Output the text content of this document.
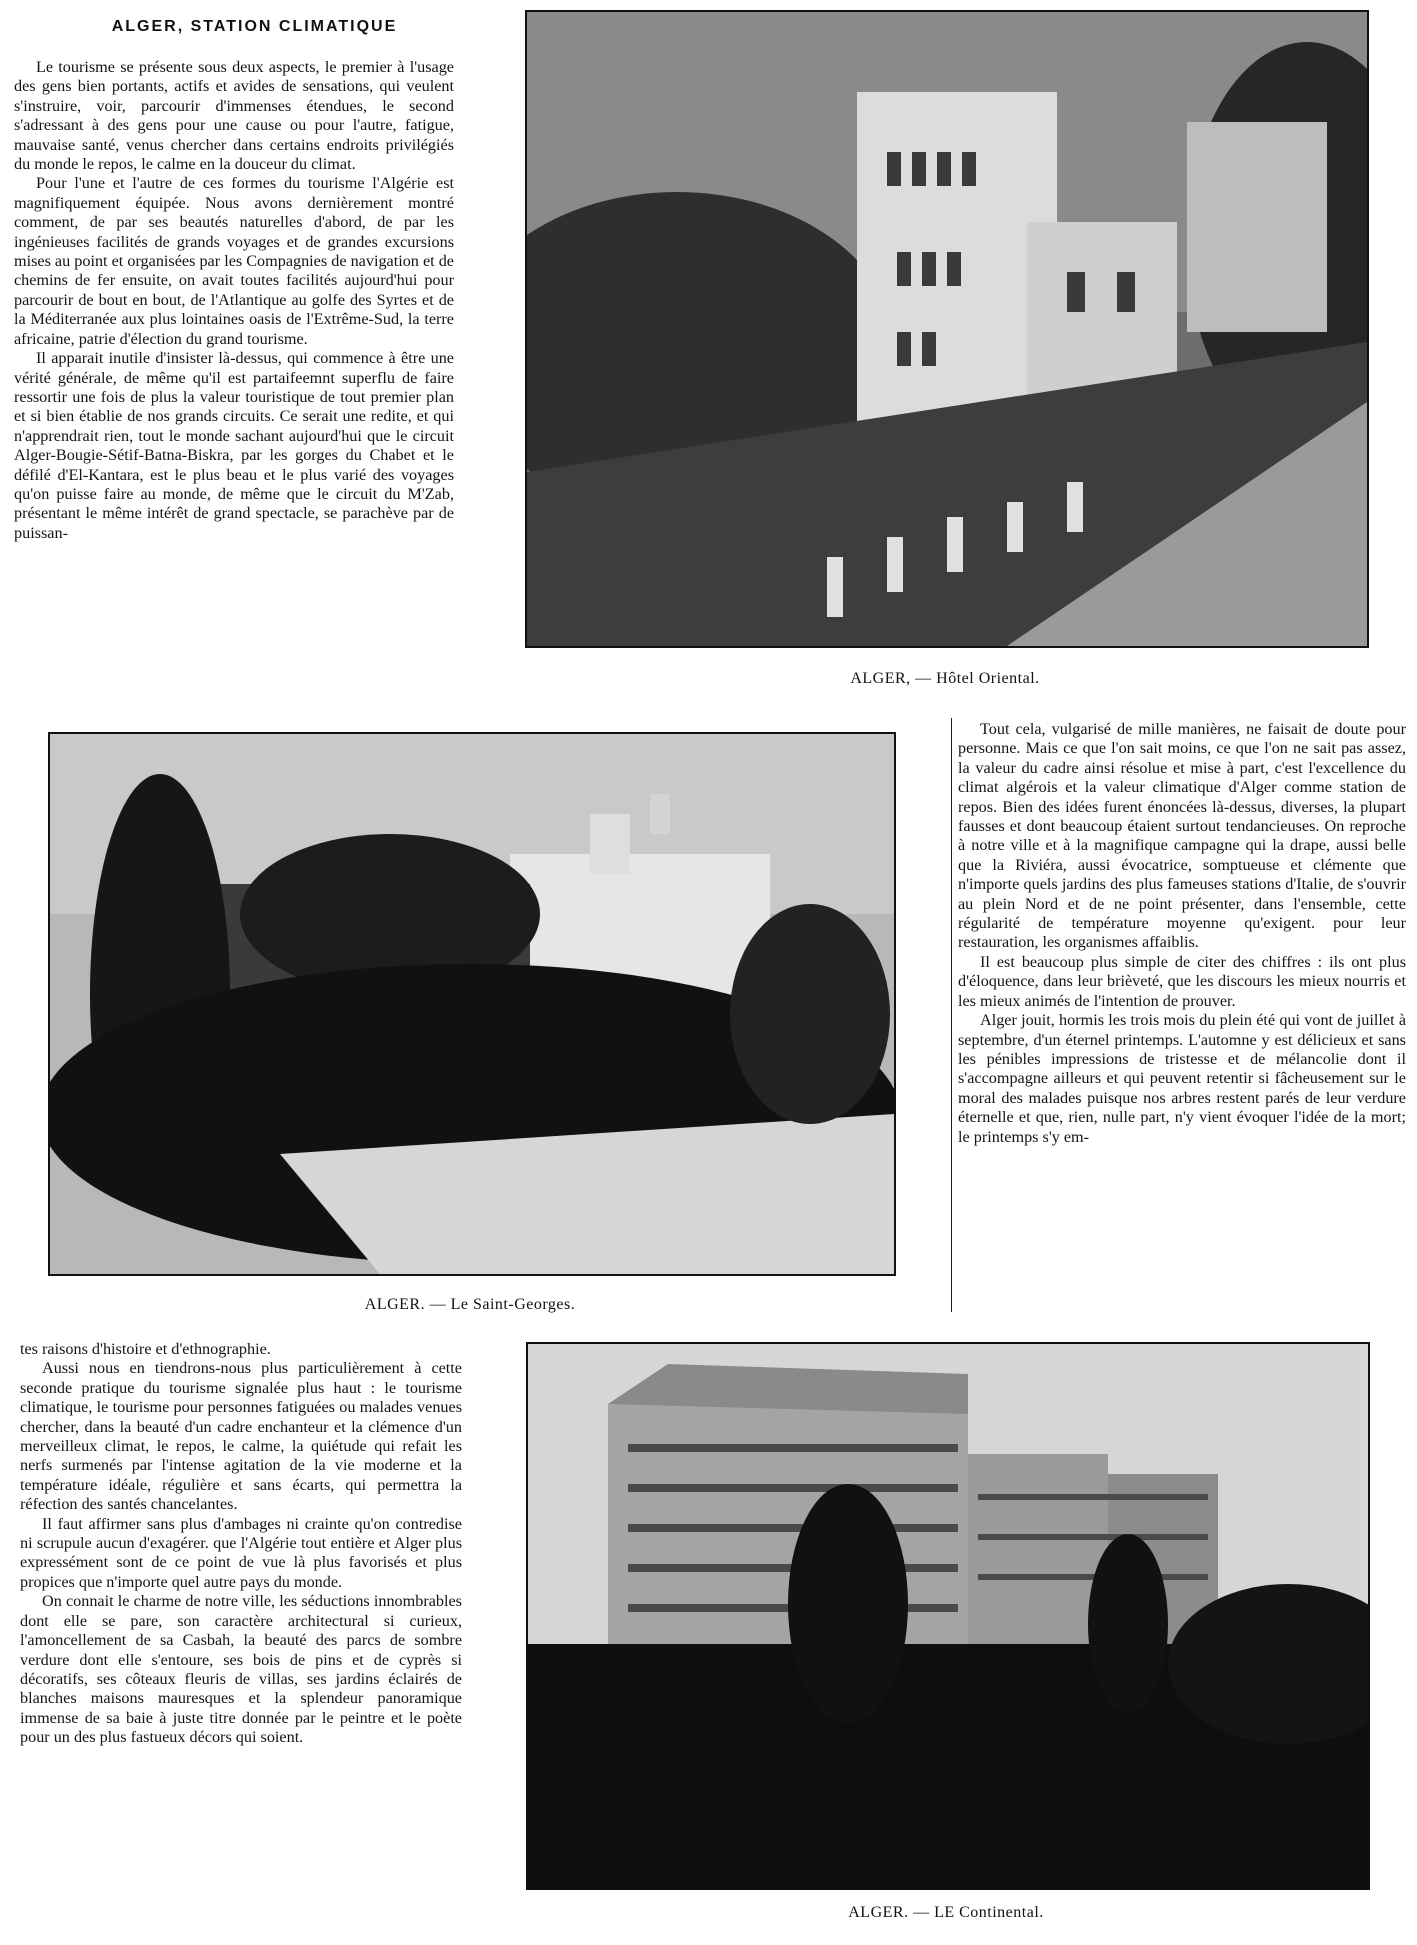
ALGER, STATION CLIMATIQUE

Le tourisme se présente sous deux aspects, le premier à l'usage des gens bien portants, actifs et avides de sensations, qui veulent s'instruire, voir, parcourir d'immenses étendues, le second s'adressant à des gens pour une cause ou pour l'autre, fatigue, mauvaise santé, venus chercher dans certains endroits privilégiés du monde le repos, le calme en la douceur du climat.

Pour l'une et l'autre de ces formes du tourisme l'Algérie est magnifiquement équipée. Nous avons dernièrement montré comment, de par ses beautés naturelles d'abord, de par les ingénieuses facilités de grands voyages et de grandes excursions mises au point et organisées par les Compagnies de navigation et de chemins de fer ensuite, on avait toutes facilités aujourd'hui pour parcourir de bout en bout, de l'Atlantique au golfe des Syrtes et de la Méditerranée aux plus lointaines oasis de l'Extrême-Sud, la terre africaine, patrie d'élection du grand tourisme.

Il apparait inutile d'insister là-dessus, qui commence à être une vérité générale, de même qu'il est partaifeemnt superflu de faire ressortir une fois de plus la valeur touristique de tout premier plan et si bien établie de nos grands circuits. Ce serait une redite, et qui n'apprendrait rien, tout le monde sachant aujourd'hui que le circuit Alger-Bougie-Sétif-Batna-Biskra, par les gorges du Chabet et le défilé d'El-Kantara, est le plus beau et le plus varié des voyages qu'on puisse faire au monde, de même que le circuit du M'Zab, présentant le même intérêt de grand spectacle, se parachève par de puissan-

ALGER, — Hôtel Oriental.
ALGER. — Le Saint-Georges.

Tout cela, vulgarisé de mille manières, ne faisait de doute pour personne. Mais ce que l'on sait moins, ce que l'on ne sait pas assez, la valeur du cadre ainsi résolue et mise à part, c'est l'excellence du climat algérois et la valeur climatique d'Alger comme station de repos. Bien des idées furent énoncées là-dessus, diverses, la plupart fausses et dont beaucoup étaient surtout tendancieuses. On reproche à notre ville et à la magnifique campagne qui la drape, aussi belle que la Riviéra, aussi évocatrice, somptueuse et clémente que n'importe quels jardins des plus fameuses stations d'Italie, de s'ouvrir au plein Nord et de ne point présenter, dans l'ensemble, cette régularité de température moyenne qu'exigent. pour leur restauration, les organismes affaiblis.

Il est beaucoup plus simple de citer des chiffres : ils ont plus d'éloquence, dans leur brièveté, que les discours les mieux nourris et les mieux animés de l'intention de prouver.

Alger jouit, hormis les trois mois du plein été qui vont de juillet à septembre, d'un éternel printemps. L'automne y est délicieux et sans les pénibles impressions de tristesse et de mélancolie dont il s'accompagne ailleurs et qui peuvent retentir si fâcheusement sur le moral des malades puisque nos arbres restent parés de leur verdure éternelle et que, rien, nulle part, n'y vient évoquer l'idée de la mort; le printemps s'y em-

tes raisons d'histoire et d'ethnographie.

Aussi nous en tiendrons-nous plus particulièrement à cette seconde pratique du tourisme signalée plus haut : le tourisme climatique, le tourisme pour personnes fatiguées ou malades venues chercher, dans la beauté d'un cadre enchanteur et la clémence d'un merveilleux climat, le repos, le calme, la quiétude qui refait les nerfs surmenés par l'intense agitation de la vie moderne et la température idéale, régulière et sans écarts, qui permettra la réfection des santés chancelantes.

Il faut affirmer sans plus d'ambages ni crainte qu'on contredise ni scrupule aucun d'exagérer. que l'Algérie tout entière et Alger plus expressément sont de ce point de vue là plus favorisés et plus propices que n'importe quel autre pays du monde.

On connait le charme de notre ville, les séductions innombrables dont elle se pare, son caractère architectural si curieux, l'amoncellement de sa Casbah, la beauté des parcs de sombre verdure dont elle s'entoure, ses bois de pins et de cyprès si décoratifs, ses côteaux fleuris de villas, ses jardins éclairés de blanches maisons mauresques et la splendeur panoramique immense de sa baie à juste titre donnée par le peintre et le poète pour un des plus fastueux décors qui soient.

ALGER. — LE Continental.
